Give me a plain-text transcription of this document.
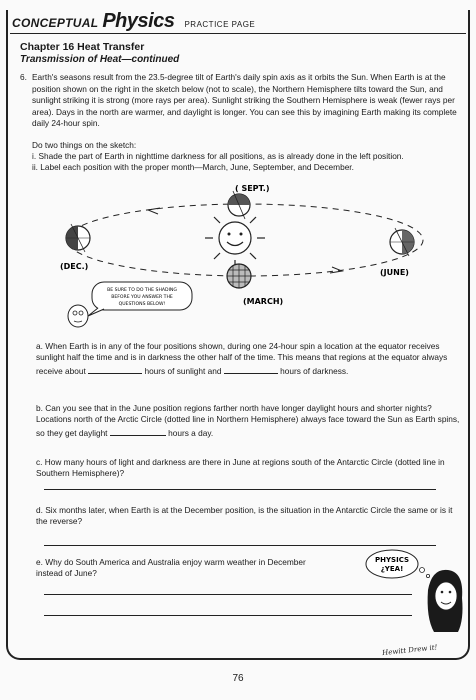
CONCEPTUAL Physics PRACTICE PAGE
Chapter 16 Heat Transfer
Transmission of Heat—continued
6. Earth's seasons result from the 23.5-degree tilt of Earth's daily spin axis as it orbits the Sun. When Earth is at the position shown on the right in the sketch below (not to scale), the Northern Hemisphere tilts toward the Sun, and sunlight striking it is strong (more rays per area). Sunlight striking the Southern Hemisphere is weak (fewer rays per area). Days in the north are warmer, and daylight is longer. You can see this by imagining Earth making its complete daily 24-hour spin.
Do two things on the sketch:
i. Shade the part of Earth in nighttime darkness for all positions, as is already done in the left position.
ii. Label each position with the proper month—March, June, September, and December.
( SEPT.)
(DEC.)
(JUNE)
(MARCH)
BE SURE TO DO THE SHADING
BEFORE YOU ANSWER THE
QUESTIONS BELOW!
a. When Earth is in any of the four positions shown, during one 24-hour spin a location at the equator receives sunlight half the time and is in darkness the other half of the time. This means that regions at the equator always receive about	hours of sunlight and	hours of darkness.
b. Can you see that in the June position regions farther north have longer daylight hours and shorter nights? Locations north of the Arctic Circle (dotted line in Northern Hemisphere) always face toward the Sun as Earth spins, so they get daylight	hours a day.
c. How many hours of light and darkness are there in June at regions south of the Antarctic Circle (dotted line in Southern Hemisphere)?
d. Six months later, when Earth is at the December position, is the situation in the Antarctic Circle the same or is it the reverse?
e. Why do South America and Australia enjoy warm weather in December instead of June?
PHYSICS
¿YEA!
Hewitt Drew it!
76
